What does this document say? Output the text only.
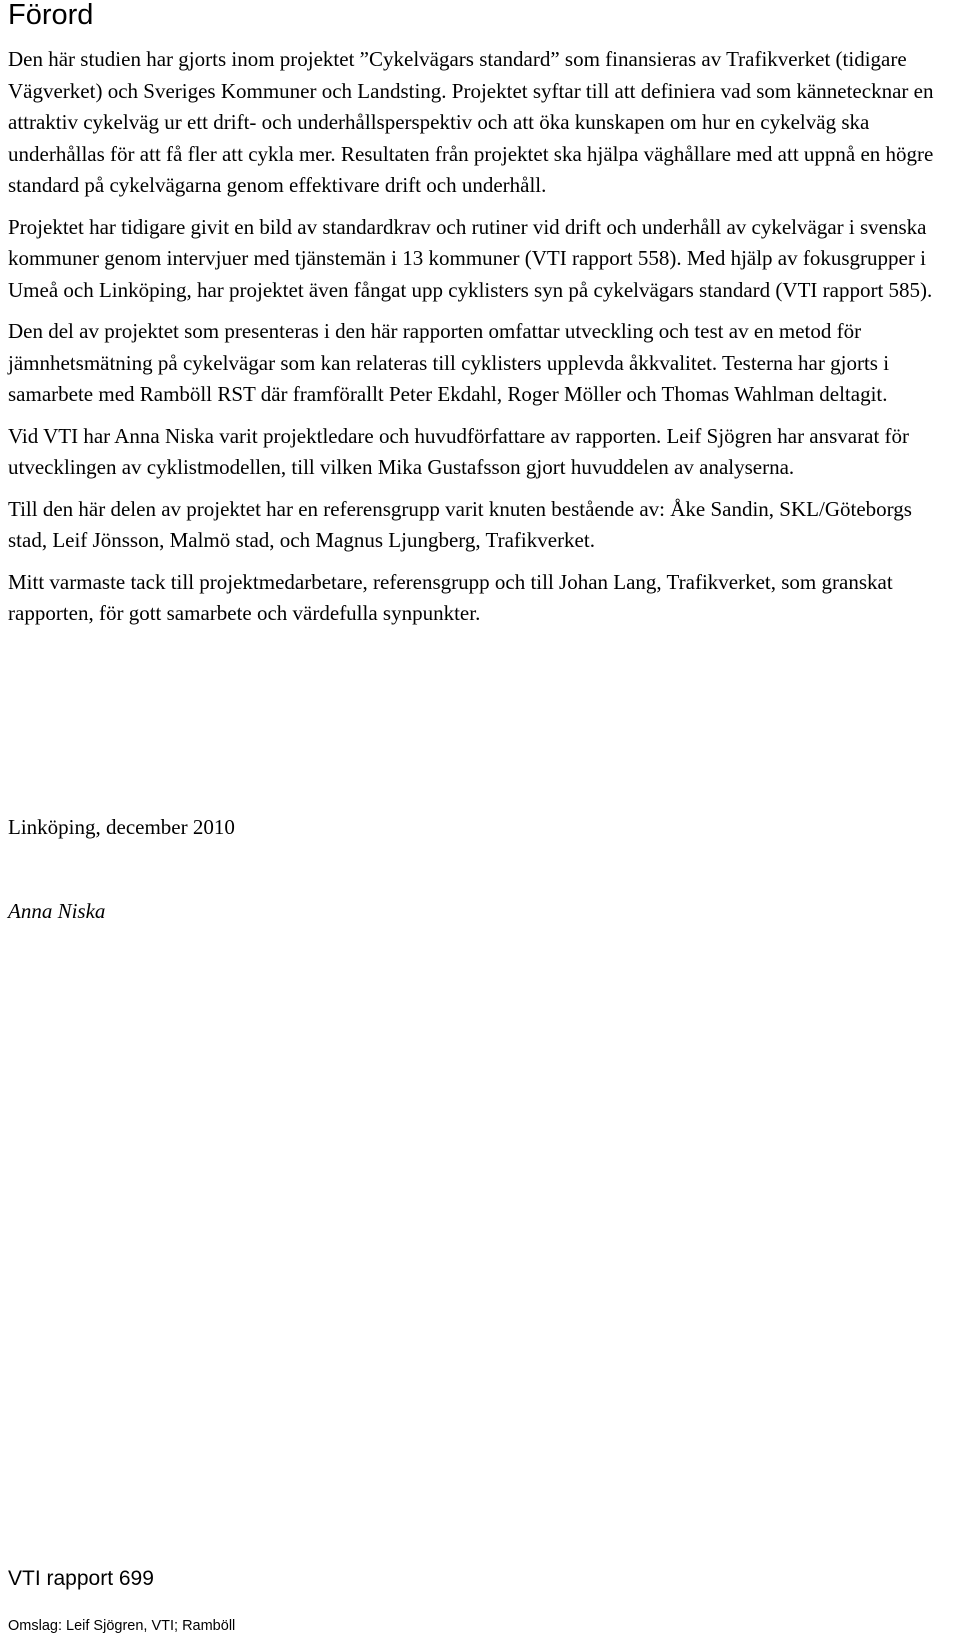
Förord

Den här studien har gjorts inom projektet ”Cykelvägars standard” som finansieras av Trafikverket (tidigare Vägverket) och Sveriges Kommuner och Landsting. Projektet syftar till att definiera vad som kännetecknar en attraktiv cykelväg ur ett drift- och underhållsperspektiv och att öka kunskapen om hur en cykelväg ska underhållas för att få fler att cykla mer. Resultaten från projektet ska hjälpa väghållare med att uppnå en högre standard på cykelvägarna genom effektivare drift och underhåll.

Projektet har tidigare givit en bild av standardkrav och rutiner vid drift och underhåll av cykelvägar i svenska kommuner genom intervjuer med tjänstemän i 13 kommuner (VTI rapport 558). Med hjälp av fokusgrupper i Umeå och Linköping, har projektet även fångat upp cyklisters syn på cykelvägars standard (VTI rapport 585).

Den del av projektet som presenteras i den här rapporten omfattar utveckling och test av en metod för jämnhetsmätning på cykelvägar som kan relateras till cyklisters upplevda åkkvalitet. Testerna har gjorts i samarbete med Ramböll RST där framförallt Peter Ekdahl, Roger Möller och Thomas Wahlman deltagit.

Vid VTI har Anna Niska varit projektledare och huvudförfattare av rapporten. Leif Sjögren har ansvarat för utvecklingen av cyklistmodellen, till vilken Mika Gustafsson gjort huvuddelen av analyserna.

Till den här delen av projektet har en referensgrupp varit knuten bestående av: Åke Sandin, SKL/Göteborgs stad, Leif Jönsson, Malmö stad, och Magnus Ljungberg, Trafikverket.

Mitt varmaste tack till projektmedarbetare, referensgrupp och till Johan Lang, Trafikverket, som granskat rapporten, för gott samarbete och värdefulla synpunkter.

Linköping, december 2010

Anna Niska

VTI rapport 699

Omslag: Leif Sjögren, VTI; Ramböll
